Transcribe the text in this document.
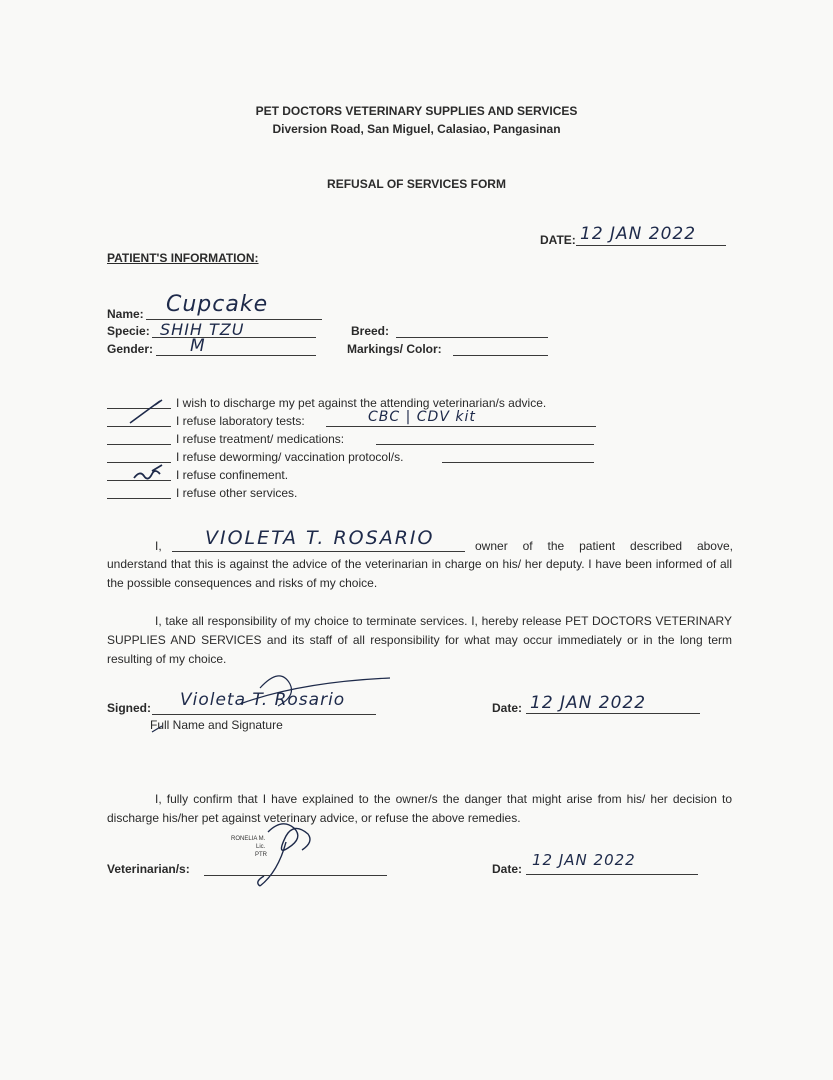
PET DOCTORS VETERINARY SUPPLIES AND SERVICES
Diversion Road, San Miguel, Calasiao, Pangasinan
REFUSAL OF SERVICES FORM
DATE: 12 JAN 2022
PATIENT'S INFORMATION:
Name: Cupcake
Specie: SHIH TZU
Gender: M
Breed:
Markings/ Color:
I wish to discharge my pet against the attending veterinarian/s advice.
I refuse laboratory tests:	CBC | CDV kit
I refuse treatment/ medications:
I refuse deworming/ vaccination protocol/s.
I refuse confinement.
I refuse other services.
I, VIOLETA T. ROSARIO	owner of the patient described above,
understand that this is against the advice of the veterinarian in charge on his/ her deputy. I have been informed of all the possible consequences and risks of my choice.
I, take all responsibility of my choice to terminate services. I, hereby release PET DOCTORS VETERINARY SUPPLIES AND SERVICES and its staff of all responsibility for what may occur immediately or in the long term resulting of my choice.
Signed: Violeta T. Rosario
Full Name and Signature
Date: 12 JAN 2022
I, fully confirm that I have explained to the owner/s the danger that might arise from his/ her decision to discharge his/her pet against veterinary advice, or refuse the above remedies.
Veterinarian/s:
RONELIA M.
Lic.
PTR
Date: 12 JAN 2022
